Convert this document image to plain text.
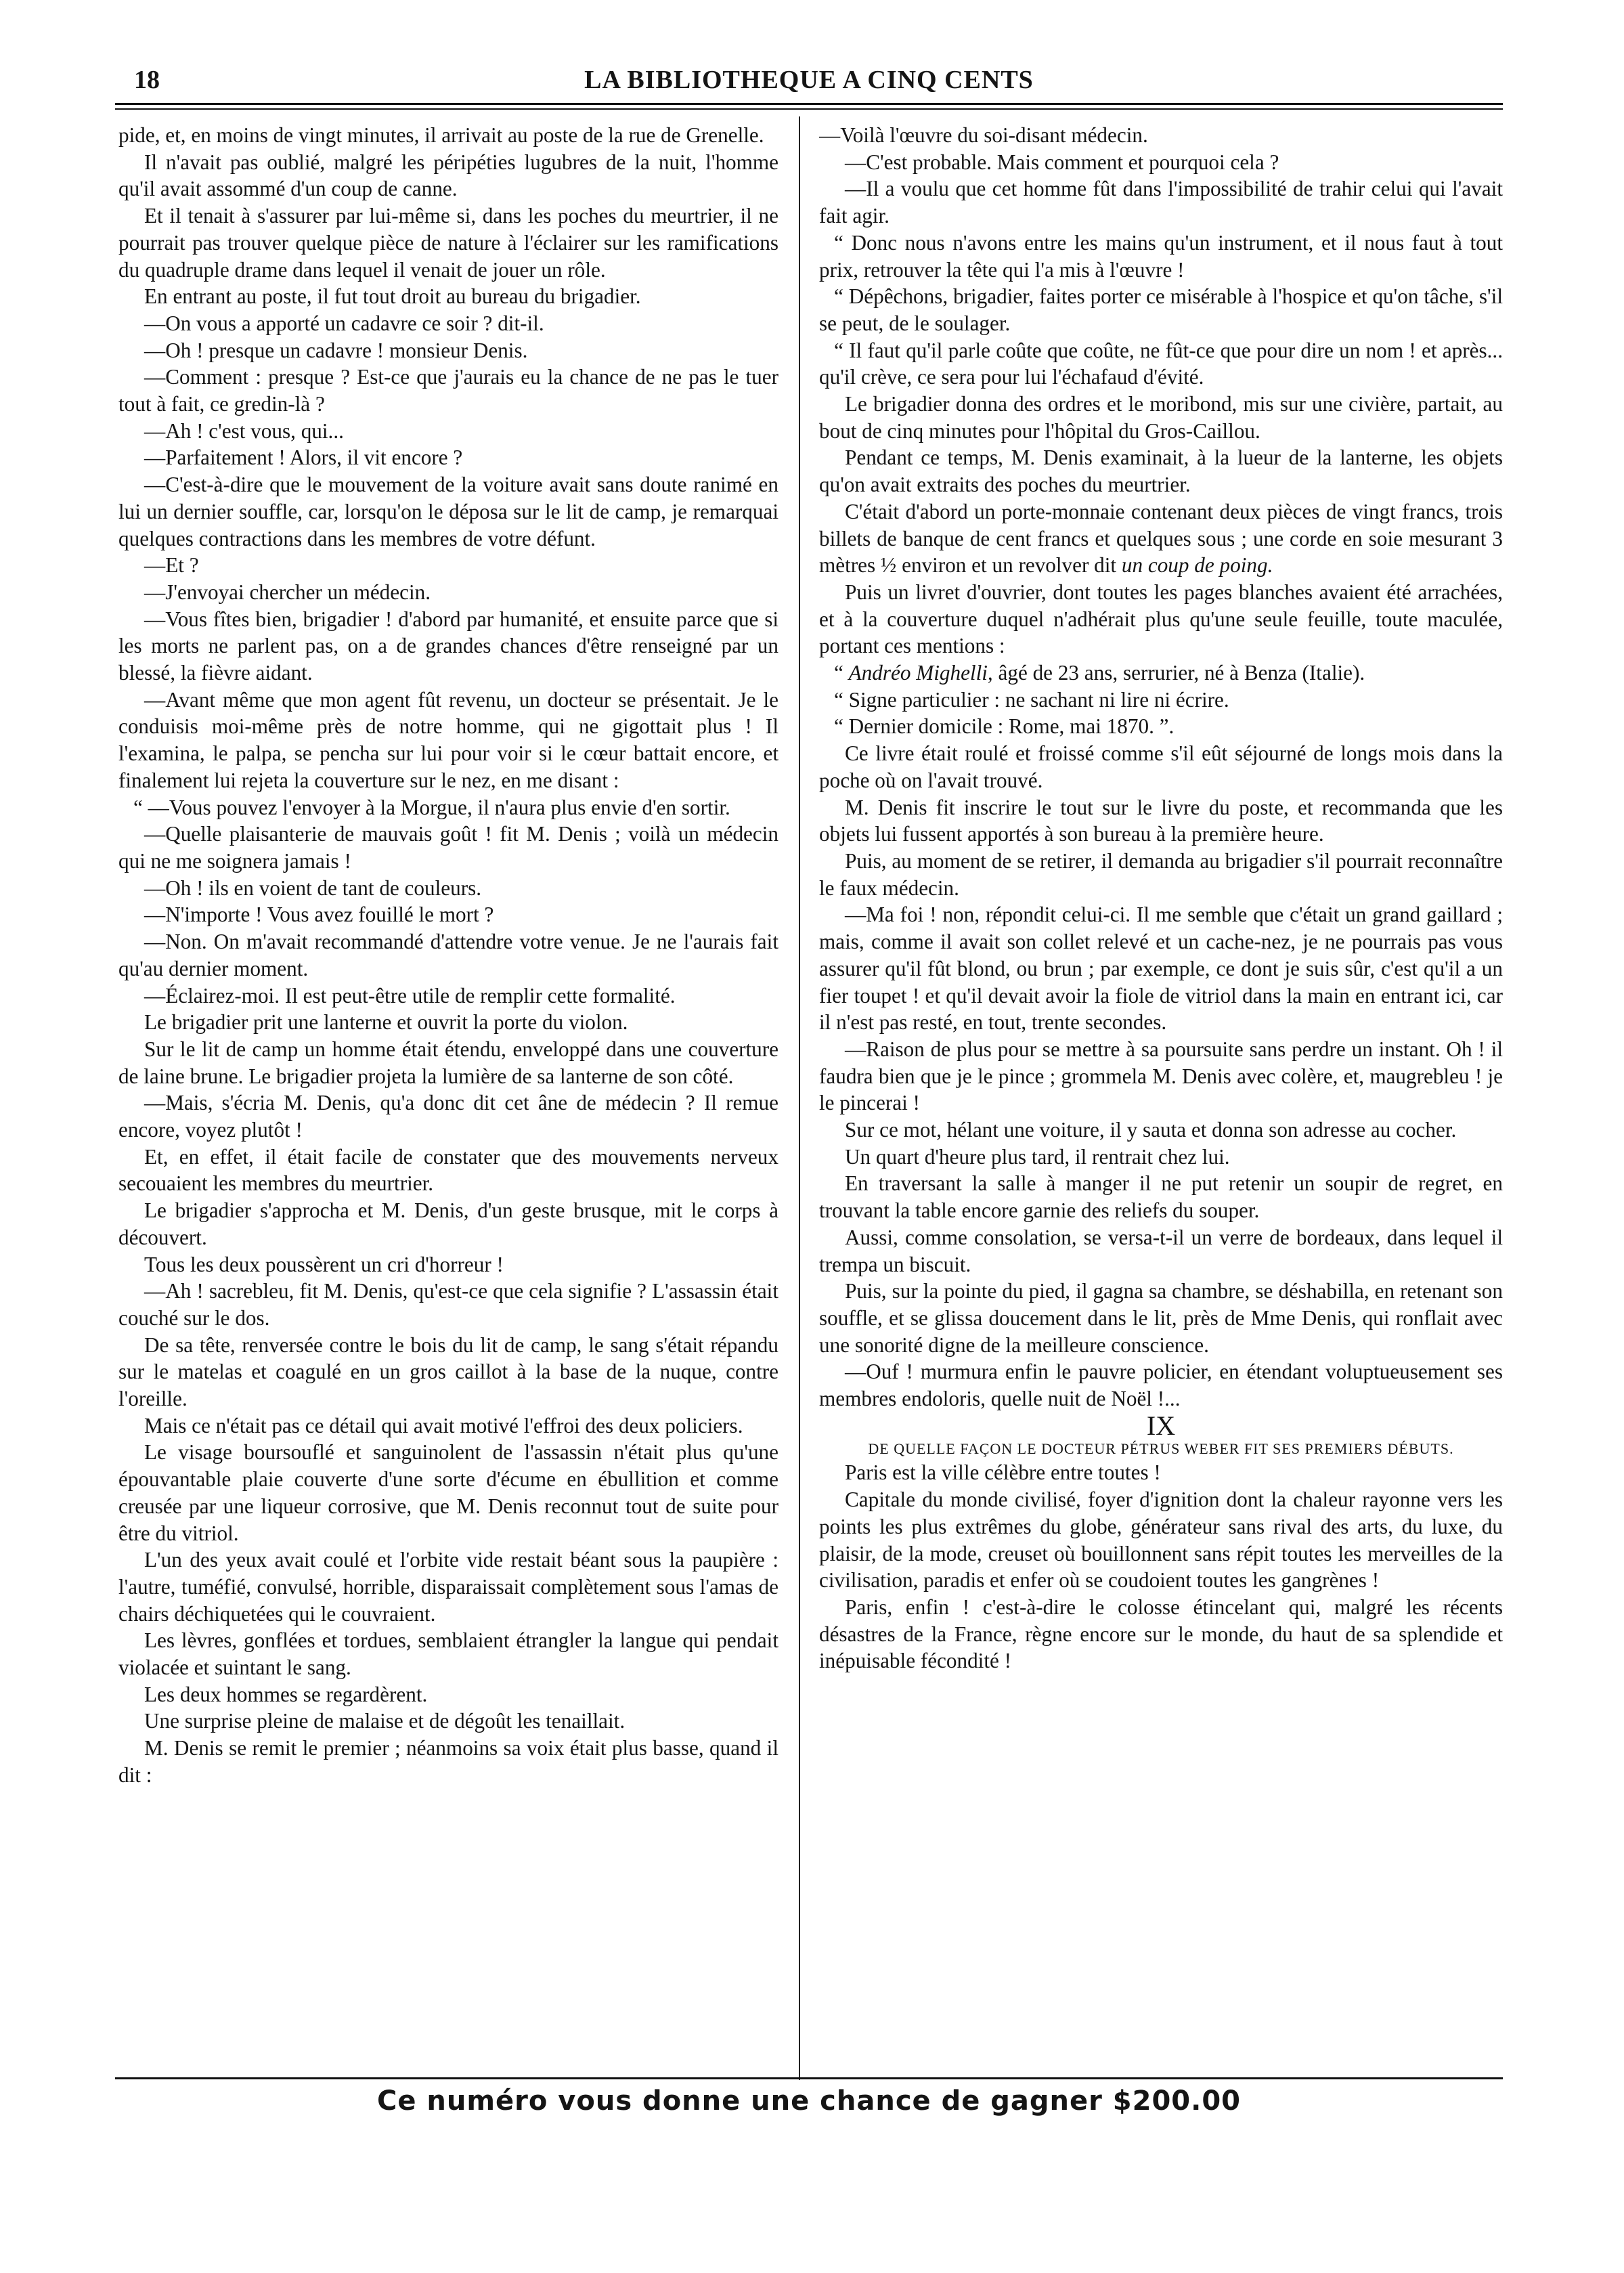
18	LA BIBLIOTHEQUE A CINQ CENTS

pide, et, en moins de vingt minutes, il arrivait au poste de la rue de Grenelle.

Il n'avait pas oublié, malgré les péripéties lugubres de la nuit, l'homme qu'il avait assommé d'un coup de canne.

Et il tenait à s'assurer par lui-même si, dans les poches du meurtrier, il ne pourrait pas trouver quelque pièce de nature à l'éclairer sur les ramifications du quadruple drame dans lequel il venait de jouer un rôle.

En entrant au poste, il fut tout droit au bureau du brigadier.

—On vous a apporté un cadavre ce soir ? dit-il.

—Oh ! presque un cadavre ! monsieur Denis.

—Comment : presque ? Est-ce que j'aurais eu la chance de ne pas le tuer tout à fait, ce gredin-là ?

—Ah ! c'est vous, qui...

—Parfaitement ! Alors, il vit encore ?

—C'est-à-dire que le mouvement de la voiture avait sans doute ranimé en lui un dernier souffle, car, lorsqu'on le déposa sur le lit de camp, je remarquai quelques contractions dans les membres de votre défunt.

—Et ?

—J'envoyai chercher un médecin.

—Vous fîtes bien, brigadier ! d'abord par humanité, et ensuite parce que si les morts ne parlent pas, on a de grandes chances d'être renseigné par un blessé, la fièvre aidant.

—Avant même que mon agent fût revenu, un docteur se présentait. Je le conduisis moi-même près de notre homme, qui ne gigottait plus ! Il l'examina, le palpa, se pencha sur lui pour voir si le cœur battait encore, et finalement lui rejeta la couverture sur le nez, en me disant :

“ —Vous pouvez l'envoyer à la Morgue, il n'aura plus envie d'en sortir.

—Quelle plaisanterie de mauvais goût ! fit M. Denis ; voilà un médecin qui ne me soignera jamais !

—Oh ! ils en voient de tant de couleurs.

—N'importe ! Vous avez fouillé le mort ?

—Non. On m'avait recommandé d'attendre votre venue. Je ne l'aurais fait qu'au dernier moment.

—Éclairez-moi. Il est peut-être utile de remplir cette formalité.

Le brigadier prit une lanterne et ouvrit la porte du violon.

Sur le lit de camp un homme était étendu, enveloppé dans une couverture de laine brune. Le brigadier projeta la lumière de sa lanterne de son côté.

—Mais, s'écria M. Denis, qu'a donc dit cet âne de médecin ? Il remue encore, voyez plutôt !

Et, en effet, il était facile de constater que des mouvements nerveux secouaient les membres du meurtrier.

Le brigadier s'approcha et M. Denis, d'un geste brusque, mit le corps à découvert.

Tous les deux poussèrent un cri d'horreur !

—Ah ! sacrebleu, fit M. Denis, qu'est-ce que cela signifie ? L'assassin était couché sur le dos.

De sa tête, renversée contre le bois du lit de camp, le sang s'était répandu sur le matelas et coagulé en un gros caillot à la base de la nuque, contre l'oreille.

Mais ce n'était pas ce détail qui avait motivé l'effroi des deux policiers.

Le visage boursouflé et sanguinolent de l'assassin n'était plus qu'une épouvantable plaie couverte d'une sorte d'écume en ébullition et comme creusée par une liqueur corrosive, que M. Denis reconnut tout de suite pour être du vitriol.

L'un des yeux avait coulé et l'orbite vide restait béant sous la paupière : l'autre, tuméfié, convulsé, horrible, disparaissait complètement sous l'amas de chairs déchiquetées qui le couvraient.

Les lèvres, gonflées et tordues, semblaient étrangler la langue qui pendait violacée et suintant le sang.

Les deux hommes se regardèrent.

Une surprise pleine de malaise et de dégoût les tenaillait.

M. Denis se remit le premier ; néanmoins sa voix était plus basse, quand il dit :

—Voilà l'œuvre du soi-disant médecin.

—C'est probable. Mais comment et pourquoi cela ?

—Il a voulu que cet homme fût dans l'impossibilité de trahir celui qui l'avait fait agir.

“ Donc nous n'avons entre les mains qu'un instrument, et il nous faut à tout prix, retrouver la tête qui l'a mis à l'œuvre !

“ Dépêchons, brigadier, faites porter ce misérable à l'hospice et qu'on tâche, s'il se peut, de le soulager.

“ Il faut qu'il parle coûte que coûte, ne fût-ce que pour dire un nom ! et après... qu'il crève, ce sera pour lui l'échafaud d'évité.

Le brigadier donna des ordres et le moribond, mis sur une civière, partait, au bout de cinq minutes pour l'hôpital du Gros-Caillou.

Pendant ce temps, M. Denis examinait, à la lueur de la lanterne, les objets qu'on avait extraits des poches du meurtrier.

C'était d'abord un porte-monnaie contenant deux pièces de vingt francs, trois billets de banque de cent francs et quelques sous ; une corde en soie mesurant 3 mètres ½ environ et un revolver dit un coup de poing.

Puis un livret d'ouvrier, dont toutes les pages blanches avaient été arrachées, et à la couverture duquel n'adhérait plus qu'une seule feuille, toute maculée, portant ces mentions :

“ Andréo Mighelli, âgé de 23 ans, serrurier, né à Benza (Italie).

“ Signe particulier : ne sachant ni lire ni écrire.

“ Dernier domicile : Rome, mai 1870. ”.

Ce livre était roulé et froissé comme s'il eût séjourné de longs mois dans la poche où on l'avait trouvé.

M. Denis fit inscrire le tout sur le livre du poste, et recommanda que les objets lui fussent apportés à son bureau à la première heure.

Puis, au moment de se retirer, il demanda au brigadier s'il pourrait reconnaître le faux médecin.

—Ma foi ! non, répondit celui-ci. Il me semble que c'était un grand gaillard ; mais, comme il avait son collet relevé et un cache-nez, je ne pourrais pas vous assurer qu'il fût blond, ou brun ; par exemple, ce dont je suis sûr, c'est qu'il a un fier toupet ! et qu'il devait avoir la fiole de vitriol dans la main en entrant ici, car il n'est pas resté, en tout, trente secondes.

—Raison de plus pour se mettre à sa poursuite sans perdre un instant. Oh ! il faudra bien que je le pince ; grommela M. Denis avec colère, et, maugrebleu ! je le pincerai !

Sur ce mot, hélant une voiture, il y sauta et donna son adresse au cocher.

Un quart d'heure plus tard, il rentrait chez lui.

En traversant la salle à manger il ne put retenir un soupir de regret, en trouvant la table encore garnie des reliefs du souper.

Aussi, comme consolation, se versa-t-il un verre de bordeaux, dans lequel il trempa un biscuit.

Puis, sur la pointe du pied, il gagna sa chambre, se déshabilla, en retenant son souffle, et se glissa doucement dans le lit, près de Mme Denis, qui ronflait avec une sonorité digne de la meilleure conscience.

—Ouf ! murmura enfin le pauvre policier, en étendant voluptueusement ses membres endoloris, quelle nuit de Noël !...

IX

DE QUELLE FAÇON LE DOCTEUR PÉTRUS WEBER FIT SES PREMIERS DÉBUTS.

Paris est la ville célèbre entre toutes !

Capitale du monde civilisé, foyer d'ignition dont la chaleur rayonne vers les points les plus extrêmes du globe, générateur sans rival des arts, du luxe, du plaisir, de la mode, creuset où bouillonnent sans répit toutes les merveilles de la civilisation, paradis et enfer où se coudoient toutes les gangrènes !

Paris, enfin ! c'est-à-dire le colosse étincelant qui, malgré les récents désastres de la France, règne encore sur le monde, du haut de sa splendide et inépuisable fécondité !

Ce numéro vous donne une chance de gagner $200.00
